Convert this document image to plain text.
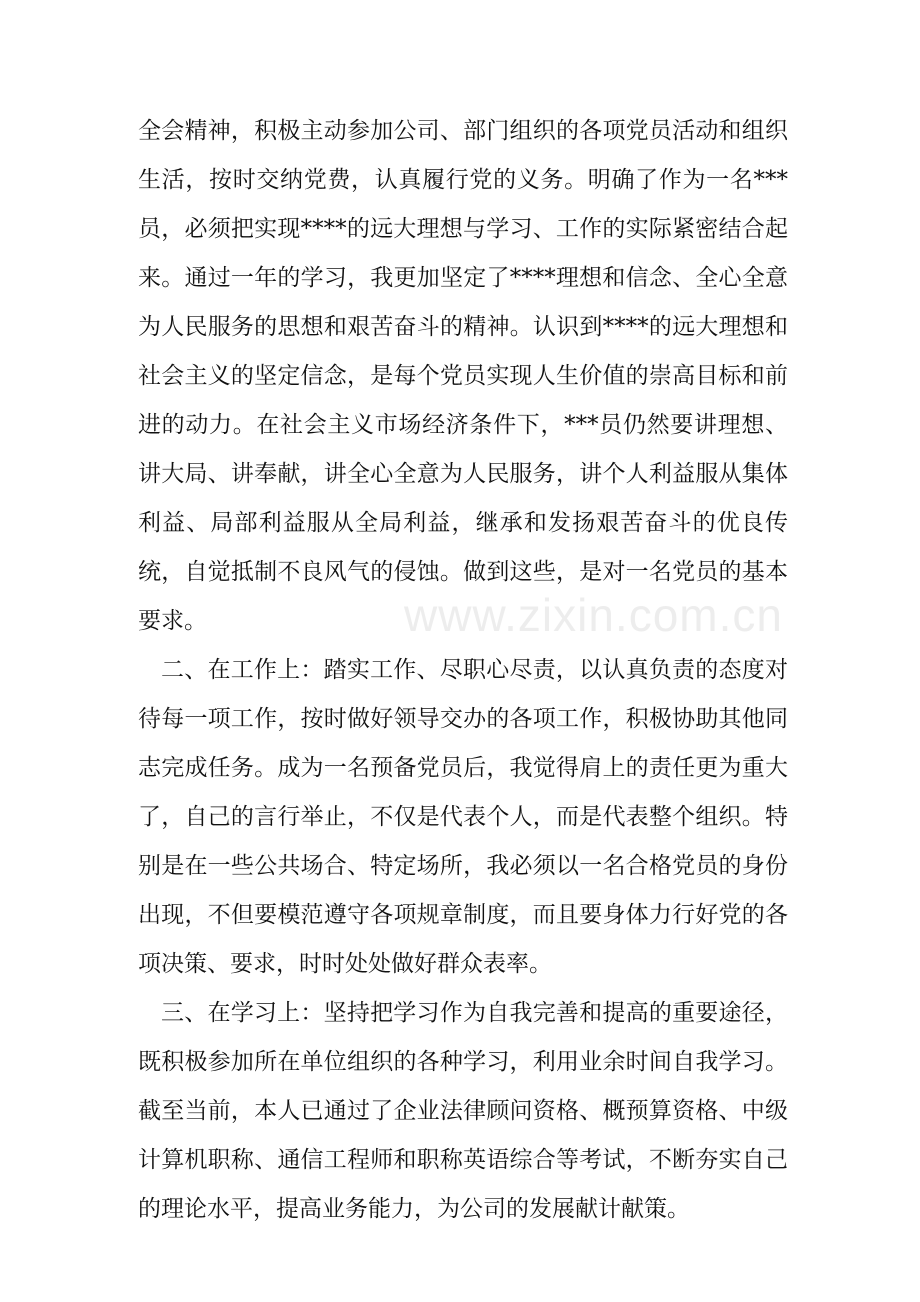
全会精神，积极主动参加公司、部门组织的各项党员活动和组织生活，按时交纳党费，认真履行党的义务。明确了作为一名***员，必须把实现****的远大理想与学习、工作的实际紧密结合起来。通过一年的学习，我更加坚定了****理想和信念、全心全意为人民服务的思想和艰苦奋斗的精神。认识到****的远大理想和社会主义的坚定信念，是每个党员实现人生价值的崇高目标和前进的动力。在社会主义市场经济条件下，***员仍然要讲理想、讲大局、讲奉献，讲全心全意为人民服务，讲个人利益服从集体利益、局部利益服从全局利益，继承和发扬艰苦奋斗的优良传统，自觉抵制不良风气的侵蚀。做到这些，是对一名党员的基本要求。

二、在工作上：踏实工作、尽职心尽责，以认真负责的态度对待每一项工作，按时做好领导交办的各项工作，积极协助其他同志完成任务。成为一名预备党员后，我觉得肩上的责任更为重大了，自己的言行举止，不仅是代表个人，而是代表整个组织。特别是在一些公共场合、特定场所，我必须以一名合格党员的身份出现，不但要模范遵守各项规章制度，而且要身体力行好党的各项决策、要求，时时处处做好群众表率。

三、在学习上：坚持把学习作为自我完善和提高的重要途径，既积极参加所在单位组织的各种学习，利用业余时间自我学习。截至当前，本人已通过了企业法律顾问资格、概预算资格、中级计算机职称、通信工程师和职称英语综合等考试，不断夯实自己的理论水平，提高业务能力，为公司的发展献计献策。

www.zixin.com.cn
